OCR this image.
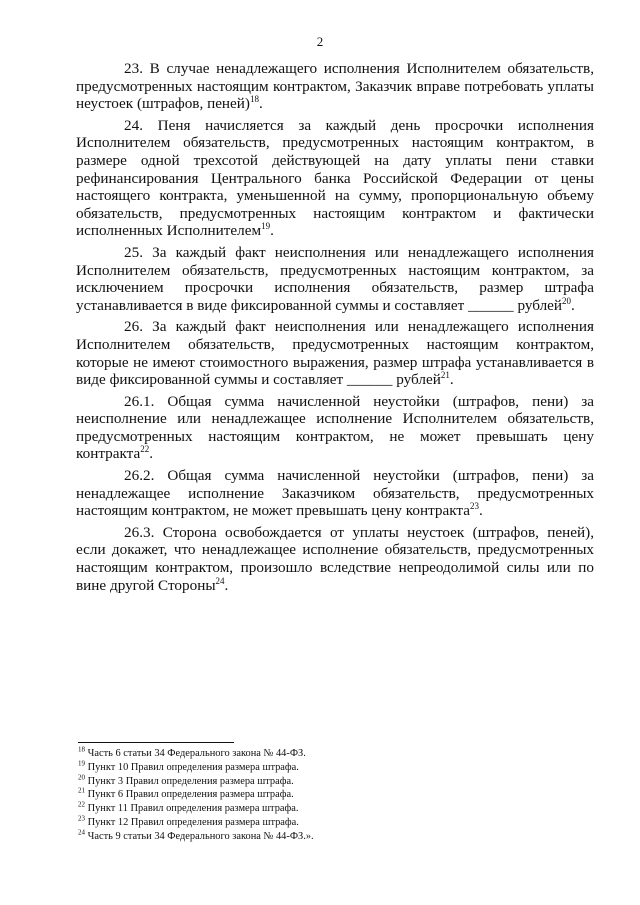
2

23. В случае ненадлежащего исполнения Исполнителем обязательств, предусмотренных настоящим контрактом, Заказчик вправе потребовать уплаты неустоек (штрафов, пеней)$^{18}$.

24. Пеня начисляется за каждый день просрочки исполнения Исполнителем обязательств, предусмотренных настоящим контрактом, в размере одной трехсотой действующей на дату уплаты пени ставки рефинансирования Центрального банка Российской Федерации от цены настоящего контракта, уменьшенной на сумму, пропорциональную объему обязательств, предусмотренных настоящим контрактом и фактически исполненных Исполнителем$^{19}$.

25. За каждый факт неисполнения или ненадлежащего исполнения Исполнителем обязательств, предусмотренных настоящим контрактом, за исключением просрочки исполнения обязательств, размер штрафа устанавливается в виде фиксированной суммы и составляет ______ рублей$^{20}$.

26. За каждый факт неисполнения или ненадлежащего исполнения Исполнителем обязательств, предусмотренных настоящим контрактом, которые не имеют стоимостного выражения, размер штрафа устанавливается в виде фиксированной суммы и составляет ______ рублей$^{21}$.

26.1. Общая сумма начисленной неустойки (штрафов, пени) за неисполнение или ненадлежащее исполнение Исполнителем обязательств, предусмотренных настоящим контрактом, не может превышать цену контракта$^{22}$.

26.2. Общая сумма начисленной неустойки (штрафов, пени) за ненадлежащее исполнение Заказчиком обязательств, предусмотренных настоящим контрактом, не может превышать цену контракта$^{23}$.

26.3. Сторона освобождается от уплаты неустоек (штрафов, пеней), если докажет, что ненадлежащее исполнение обязательств, предусмотренных настоящим контрактом, произошло вследствие непреодолимой силы или по вине другой Стороны$^{24}$.

$^{18}$ Часть 6 статьи 34 Федерального закона № 44-ФЗ.

$^{19}$ Пункт 10 Правил определения размера штрафа.

$^{20}$ Пункт 3 Правил определения размера штрафа.

$^{21}$ Пункт 6 Правил определения размера штрафа.

$^{22}$ Пункт 11 Правил определения размера штрафа.

$^{23}$ Пункт 12 Правил определения размера штрафа.

$^{24}$ Часть 9 статьи 34 Федерального закона № 44-ФЗ.».
